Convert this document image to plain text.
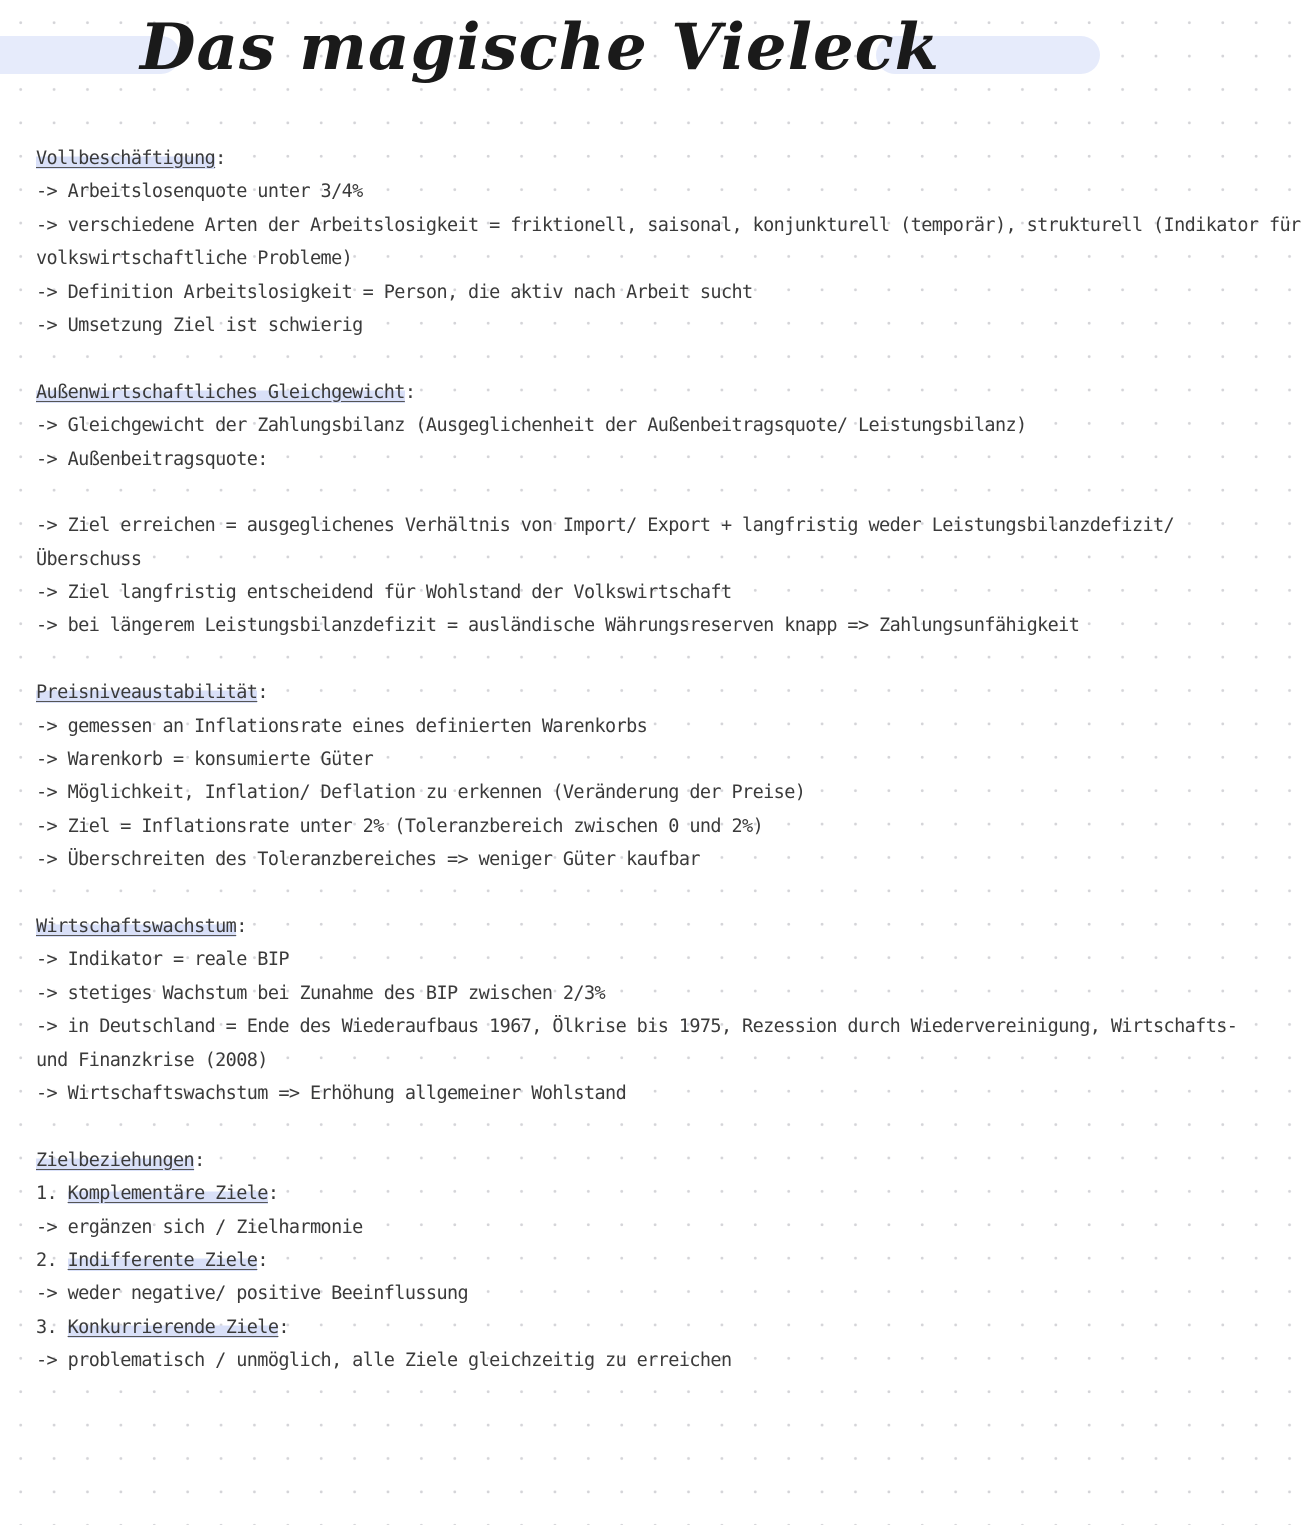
Das magische Vieleck
Vollbeschäftigung:
-> Arbeitslosenquote unter 3/4%
-> verschiedene Arten der Arbeitslosigkeit = friktionell, saisonal, konjunkturell (temporär), strukturell (Indikator für
volkswirtschaftliche Probleme)
-> Definition Arbeitslosigkeit = Person, die aktiv nach Arbeit sucht
-> Umsetzung Ziel ist schwierig
Außenwirtschaftliches Gleichgewicht:
-> Gleichgewicht der Zahlungsbilanz (Ausgeglichenheit der Außenbeitragsquote/ Leistungsbilanz)
-> Außenbeitragsquote:
-> Ziel erreichen = ausgeglichenes Verhältnis von Import/ Export + langfristig weder Leistungsbilanzdefizit/
Überschuss
-> Ziel langfristig entscheidend für Wohlstand der Volkswirtschaft
-> bei längerem Leistungsbilanzdefizit = ausländische Währungsreserven knapp => Zahlungsunfähigkeit
Preisniveaustabilität:
-> gemessen an Inflationsrate eines definierten Warenkorbs
-> Warenkorb = konsumierte Güter
-> Möglichkeit, Inflation/ Deflation zu erkennen (Veränderung der Preise)
-> Ziel = Inflationsrate unter 2% (Toleranzbereich zwischen 0 und 2%)
-> Überschreiten des Toleranzbereiches => weniger Güter kaufbar
Wirtschaftswachstum:
-> Indikator = reale BIP
-> stetiges Wachstum bei Zunahme des BIP zwischen 2/3%
-> in Deutschland = Ende des Wiederaufbaus 1967, Ölkrise bis 1975, Rezession durch Wiedervereinigung, Wirtschafts-
und Finanzkrise (2008)
-> Wirtschaftswachstum => Erhöhung allgemeiner Wohlstand
Zielbeziehungen:
1. Komplementäre Ziele:
-> ergänzen sich / Zielharmonie
2. Indifferente Ziele:
-> weder negative/ positive Beeinflussung
3. Konkurrierende Ziele:
-> problematisch / unmöglich, alle Ziele gleichzeitig zu erreichen
